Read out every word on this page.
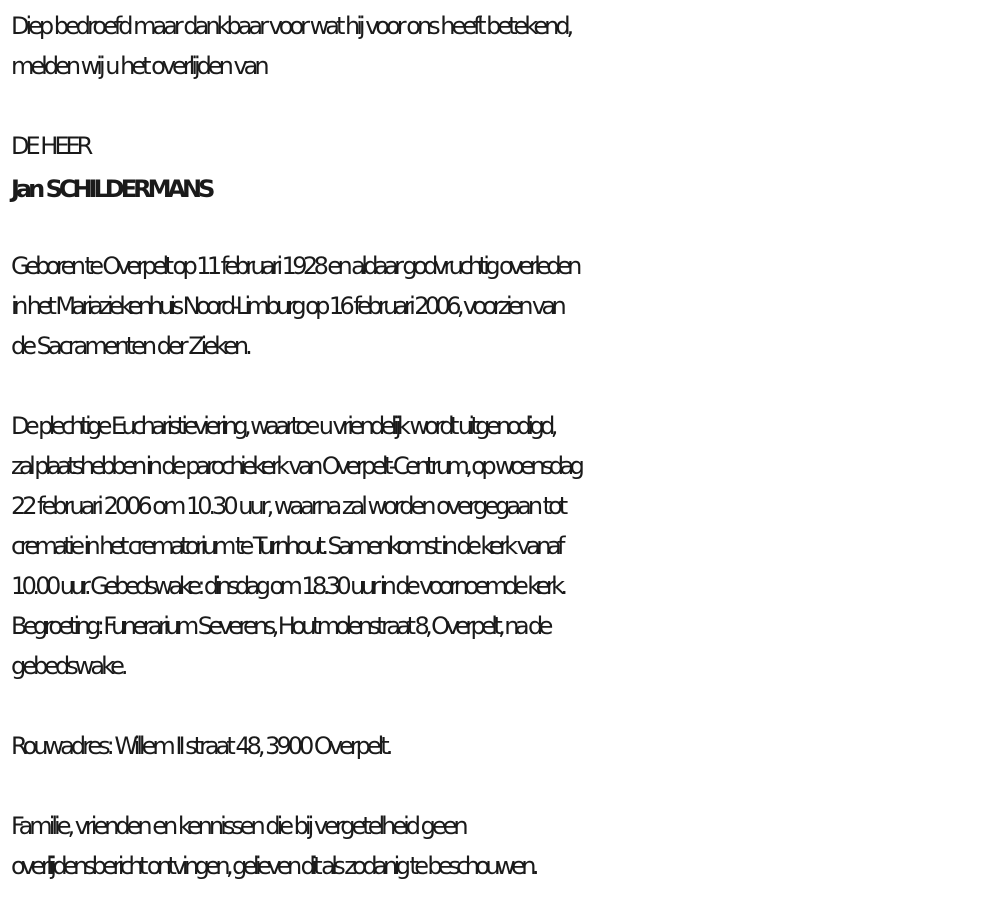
Diep bedroefd maar dankbaar voor wat hij voor ons heeft betekend,
melden wij u het overlijden van
DE HEER
Jan SCHILDERMANS
Geboren te Overpelt op 11 februari 1928 en aldaar godvruchtig overleden
in het Mariaziekenhuis Noord-Limburg op 16 februari 2006, voorzien van
de Sacramenten der Zieken.
De plechtige Eucharistieviering, waartoe u vriendelijk wordt uitgenodigd,
zal plaatshebben in de parochiekerk van Overpelt-Centrum, op woensdag
22 februari 2006 om 10.30 uur, waarna zal worden overgegaan tot
crematie in het crematorium te Turnhout. Samenkomst in de kerk vanaf
10.00 uur. Gebedswake: dinsdag om 18.30 uur in de voornoemde kerk.
Begroeting: Funerarium Severens, Houtmolenstraat 8, Overpelt, na de
gebedswake.
Rouwadres: Willem II straat 48, 3900 Overpelt.
Familie, vrienden en kennissen die bij vergetelheid geen
overlijdensbericht ontvingen, gelieven dit als zodanig te beschouwen.
